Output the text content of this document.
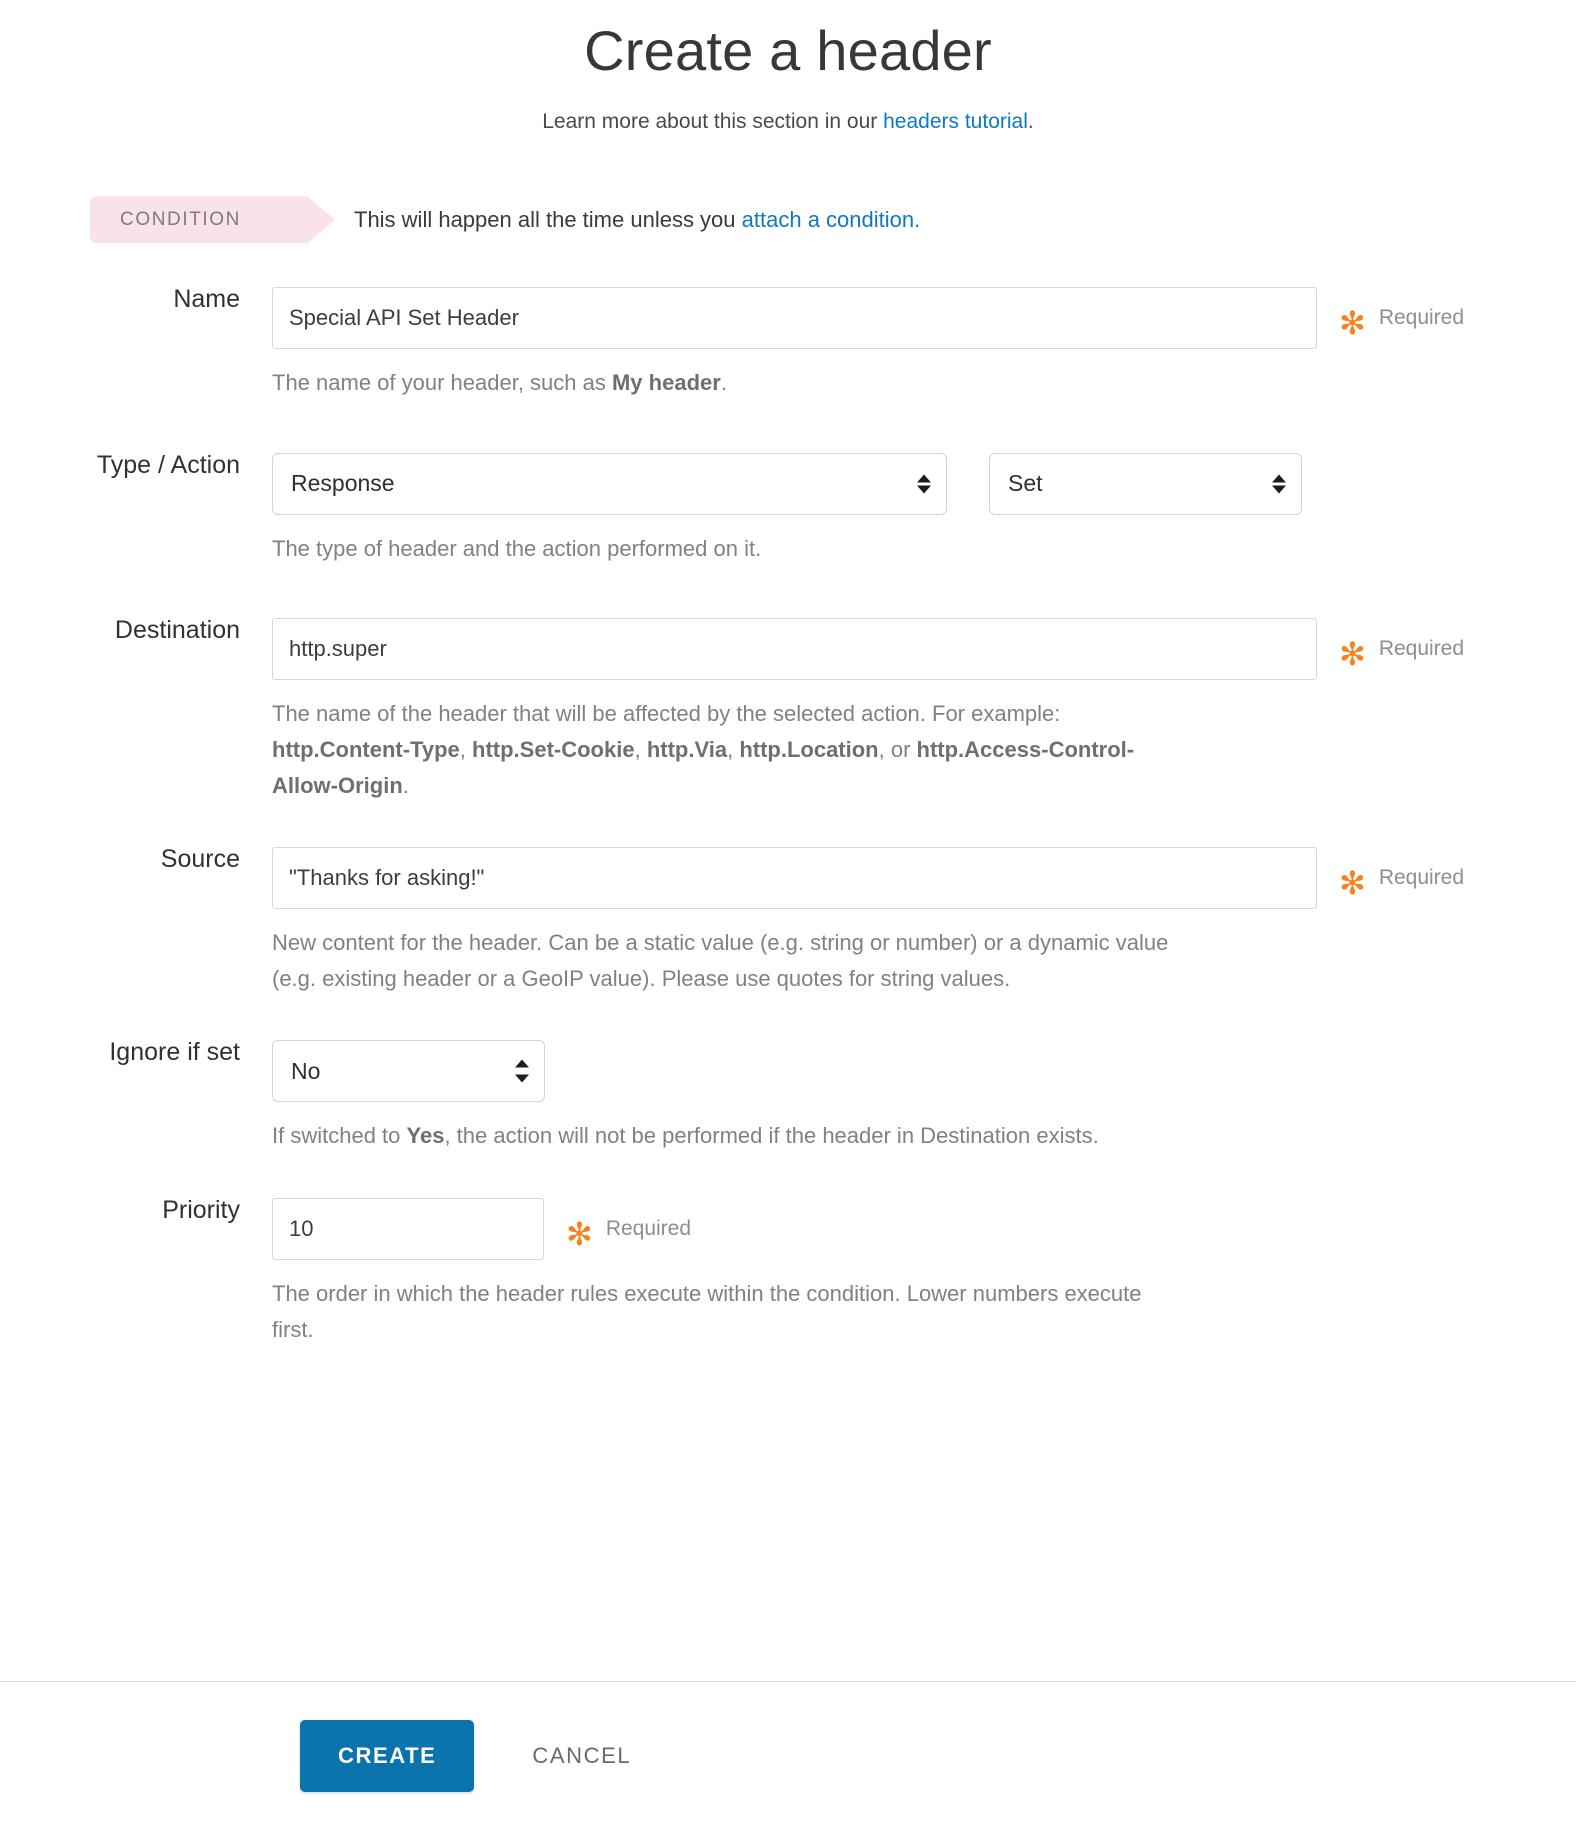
Create a header
Learn more about this section in our headers tutorial.
CONDITION	This will happen all the time unless you attach a condition.
Name
Special API Set Header
✻ Required
The name of your header, such as My header.
Type / Action
Response	Set
The type of header and the action performed on it.
Destination
http.super
✻ Required
The name of the header that will be affected by the selected action. For example: http.Content-Type, http.Set-Cookie, http.Via, http.Location, or http.Access-Control-Allow-Origin.
Source
"Thanks for asking!"
✻ Required
New content for the header. Can be a static value (e.g. string or number) or a dynamic value (e.g. existing header or a GeoIP value). Please use quotes for string values.
Ignore if set
No
If switched to Yes, the action will not be performed if the header in Destination exists.
Priority
10
✻ Required
The order in which the header rules execute within the condition. Lower numbers execute first.
CREATE	CANCEL
